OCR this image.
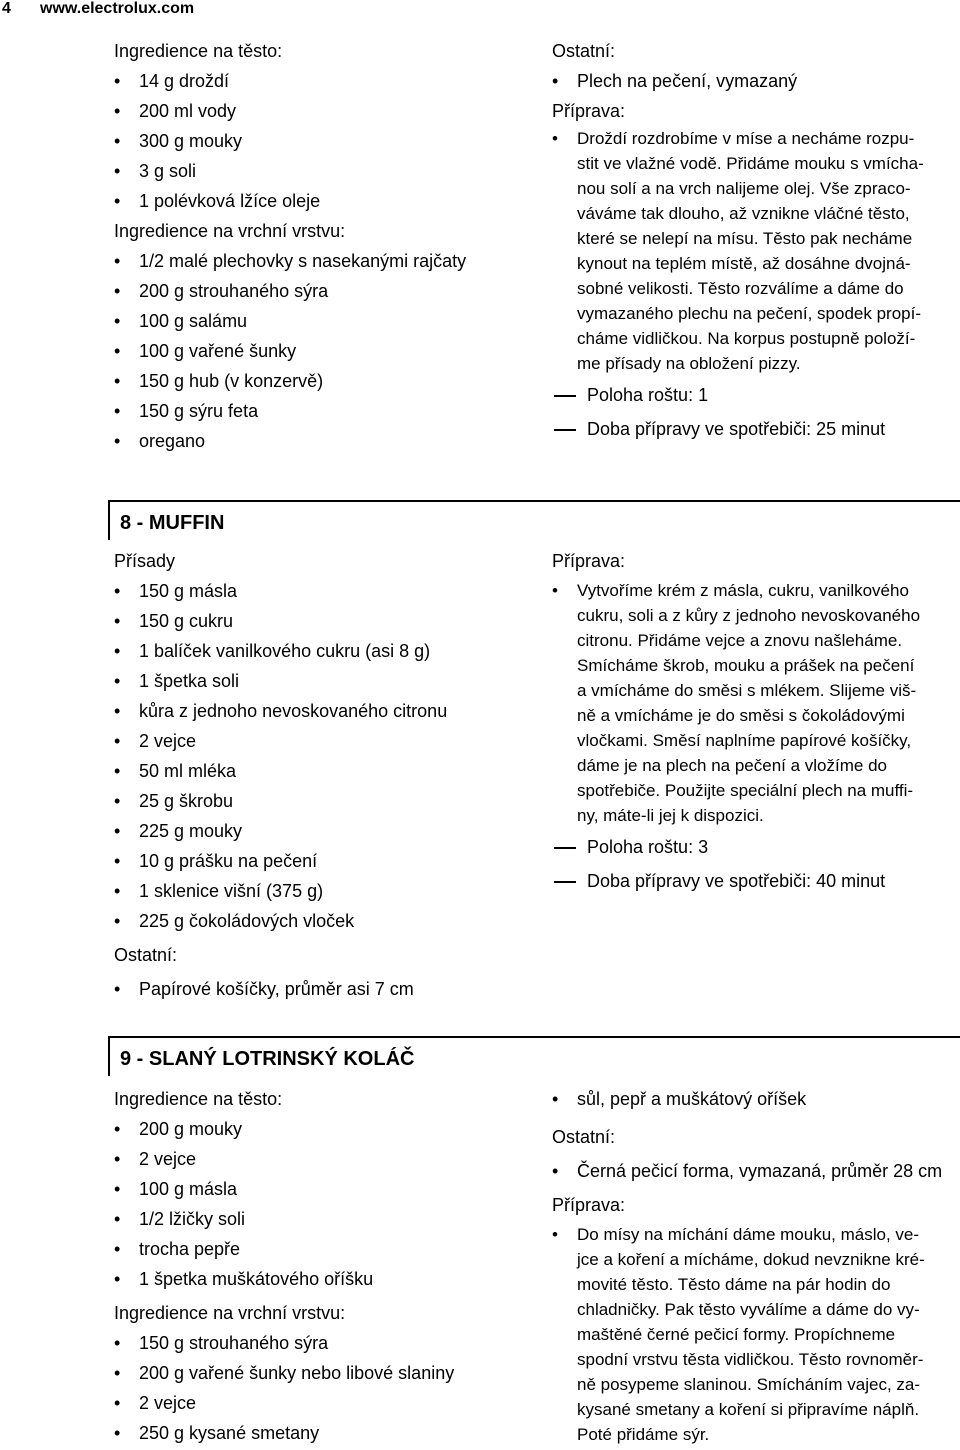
4 www.electrolux.com
Ingredience na těsto:
• 14 g droždí
• 200 ml vody
• 300 g mouky
• 3 g soli
• 1 polévková lžíce oleje
Ingredience na vrchní vrstvu:
• 1/2 malé plechovky s nasekanými rajčaty
• 200 g strouhaného sýra
• 100 g salámu
• 100 g vařené šunky
• 150 g hub (v konzervě)
• 150 g sýru feta
• oregano
Ostatní:
• Plech na pečení, vymazaný
Příprava:
• Droždí rozdrobíme v míse a necháme rozpu-
stit ve vlažné vodě. Přidáme mouku s vmícha-
nou solí a na vrch nalijeme olej. Vše zpraco-
váváme tak dlouho, až vznikne vláčné těsto,
které se nelepí na mísu. Těsto pak necháme
kynout na teplém místě, až dosáhne dvojná-
sobné velikosti. Těsto rozválíme a dáme do
vymazaného plechu na pečení, spodek propí-
cháme vidličkou. Na korpus postupně položí-
me přísady na obložení pizzy.
Poloha roštu: 1
Doba přípravy ve spotřebiči: 25 minut
8 - MUFFIN
Přísady
• 150 g másla
• 150 g cukru
• 1 balíček vanilkového cukru (asi 8 g)
• 1 špetka soli
• kůra z jednoho nevoskovaného citronu
• 2 vejce
• 50 ml mléka
• 25 g škrobu
• 225 g mouky
• 10 g prášku na pečení
• 1 sklenice višní (375 g)
• 225 g čokoládových vloček
Ostatní:
• Papírové košíčky, průměr asi 7 cm
Příprava:
• Vytvoříme krém z másla, cukru, vanilkového
cukru, soli a z kůry z jednoho nevoskovaného
citronu. Přidáme vejce a znovu našleháme.
Smícháme škrob, mouku a prášek na pečení
a vmícháme do směsi s mlékem. Slijeme viš-
ně a vmícháme je do směsi s čokoládovými
vločkami. Směsí naplníme papírové košíčky,
dáme je na plech na pečení a vložíme do
spotřebiče. Použijte speciální plech na muffi-
ny, máte-li jej k dispozici.
Poloha roštu: 3
Doba přípravy ve spotřebiči: 40 minut
9 - SLANÝ LOTRINSKÝ KOLÁČ
Ingredience na těsto:
• 200 g mouky
• 2 vejce
• 100 g másla
• 1/2 lžičky soli
• trocha pepře
• 1 špetka muškátového oříšku
Ingredience na vrchní vrstvu:
• 150 g strouhaného sýra
• 200 g vařené šunky nebo libové slaniny
• 2 vejce
• 250 g kysané smetany
• sůl, pepř a muškátový oříšek
Ostatní:
• Černá pečicí forma, vymazaná, průměr 28 cm
Příprava:
• Do mísy na míchání dáme mouku, máslo, ve-
jce a koření a mícháme, dokud nevznikne kré-
movité těsto. Těsto dáme na pár hodin do
chladničky. Pak těsto vyválíme a dáme do vy-
maštěné černé pečicí formy. Propíchneme
spodní vrstvu těsta vidličkou. Těsto rovnoměr-
ně posypeme slaninou. Smícháním vajec, za-
kysané smetany a koření si připravíme náplň.
Poté přidáme sýr.
